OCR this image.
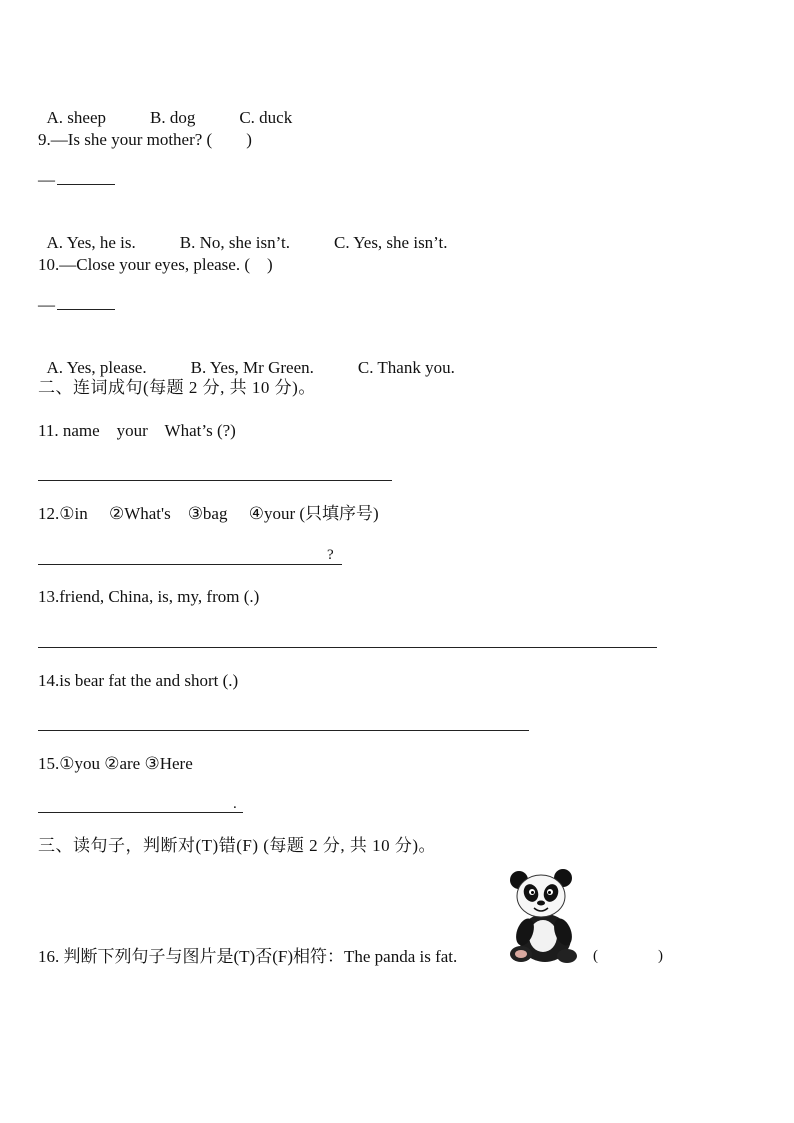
A. sheep	B. dog	C. duck

9.—Is she your mother? (　　)
—

A. Yes, he is.	B. No, she isn’t.	C. Yes, she isn’t.

10.—Close your eyes, please. (　)
—

A. Yes, please.	B. Yes, Mr Green.	C. Thank you.

二、连词成句(每题 2 分, 共 10 分)。
11. name    your    What’s (?)
12.①in     ②What's    ③bag     ④your (只填序号)
?
13.friend, China, is, my, from (.)
14.is bear fat the and short (.)
15.①you ②are ③Here
.
三、读句子，判断对(T)错(F) (每题 2 分, 共 10 分)。
16. 判断下列句子与图片是(T)否(F)相符：The panda is fat.	(　　　　)
